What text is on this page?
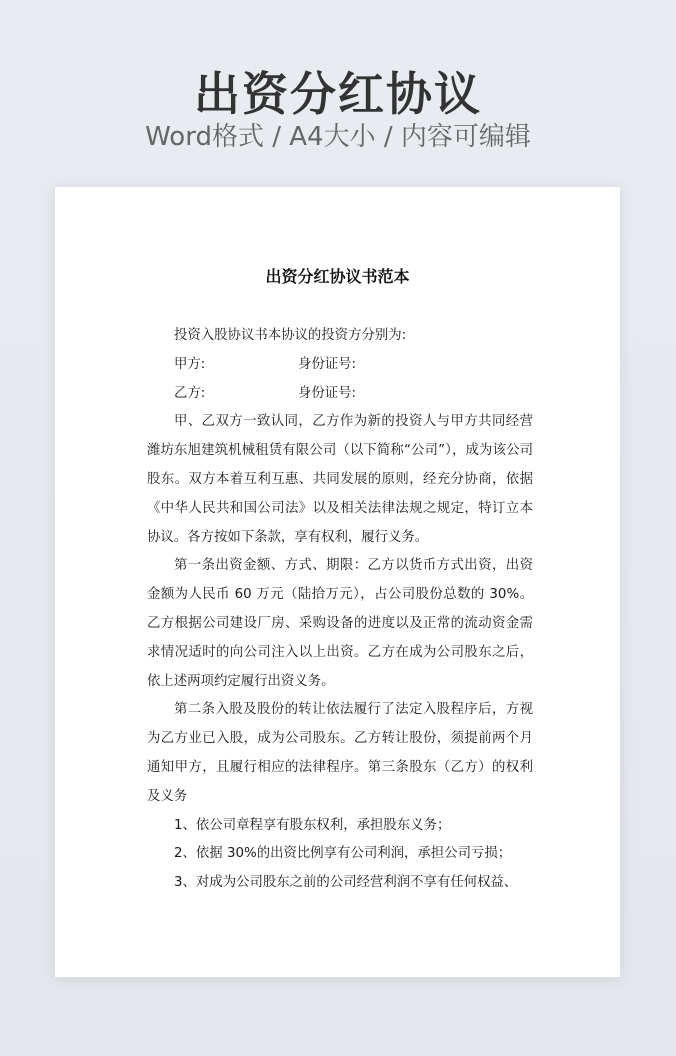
出资分红协议
Word格式 / A4大小 / 内容可编辑
出资分红协议书范本

投资入股协议书本协议的投资方分别为:

甲方:	身份证号:
乙方:	身份证号:

甲、乙双方一致认同，乙方作为新的投资人与甲方共同经营潍坊东旭建筑机械租赁有限公司（以下简称“公司”），成为该公司股东。双方本着互利互惠、共同发展的原则，经充分协商，依据《中华人民共和国公司法》以及相关法律法规之规定，特订立本协议。各方按如下条款，享有权利，履行义务。

第一条出资金额、方式、期限：乙方以货币方式出资，出资金额为人民币 60 万元（陆拾万元），占公司股份总数的 30%。乙方根据公司建设厂房、采购设备的进度以及正常的流动资金需求情况适时的向公司注入以上出资。乙方在成为公司股东之后，依上述两项约定履行出资义务。

第二条入股及股份的转让依法履行了法定入股程序后，方视为乙方业已入股，成为公司股东。乙方转让股份，须提前两个月通知甲方，且履行相应的法律程序。第三条股东（乙方）的权利及义务

1、依公司章程享有股东权利，承担股东义务；

2、依据 30%的出资比例享有公司利润，承担公司亏损；

3、对成为公司股东之前的公司经营利润不享有任何权益、
